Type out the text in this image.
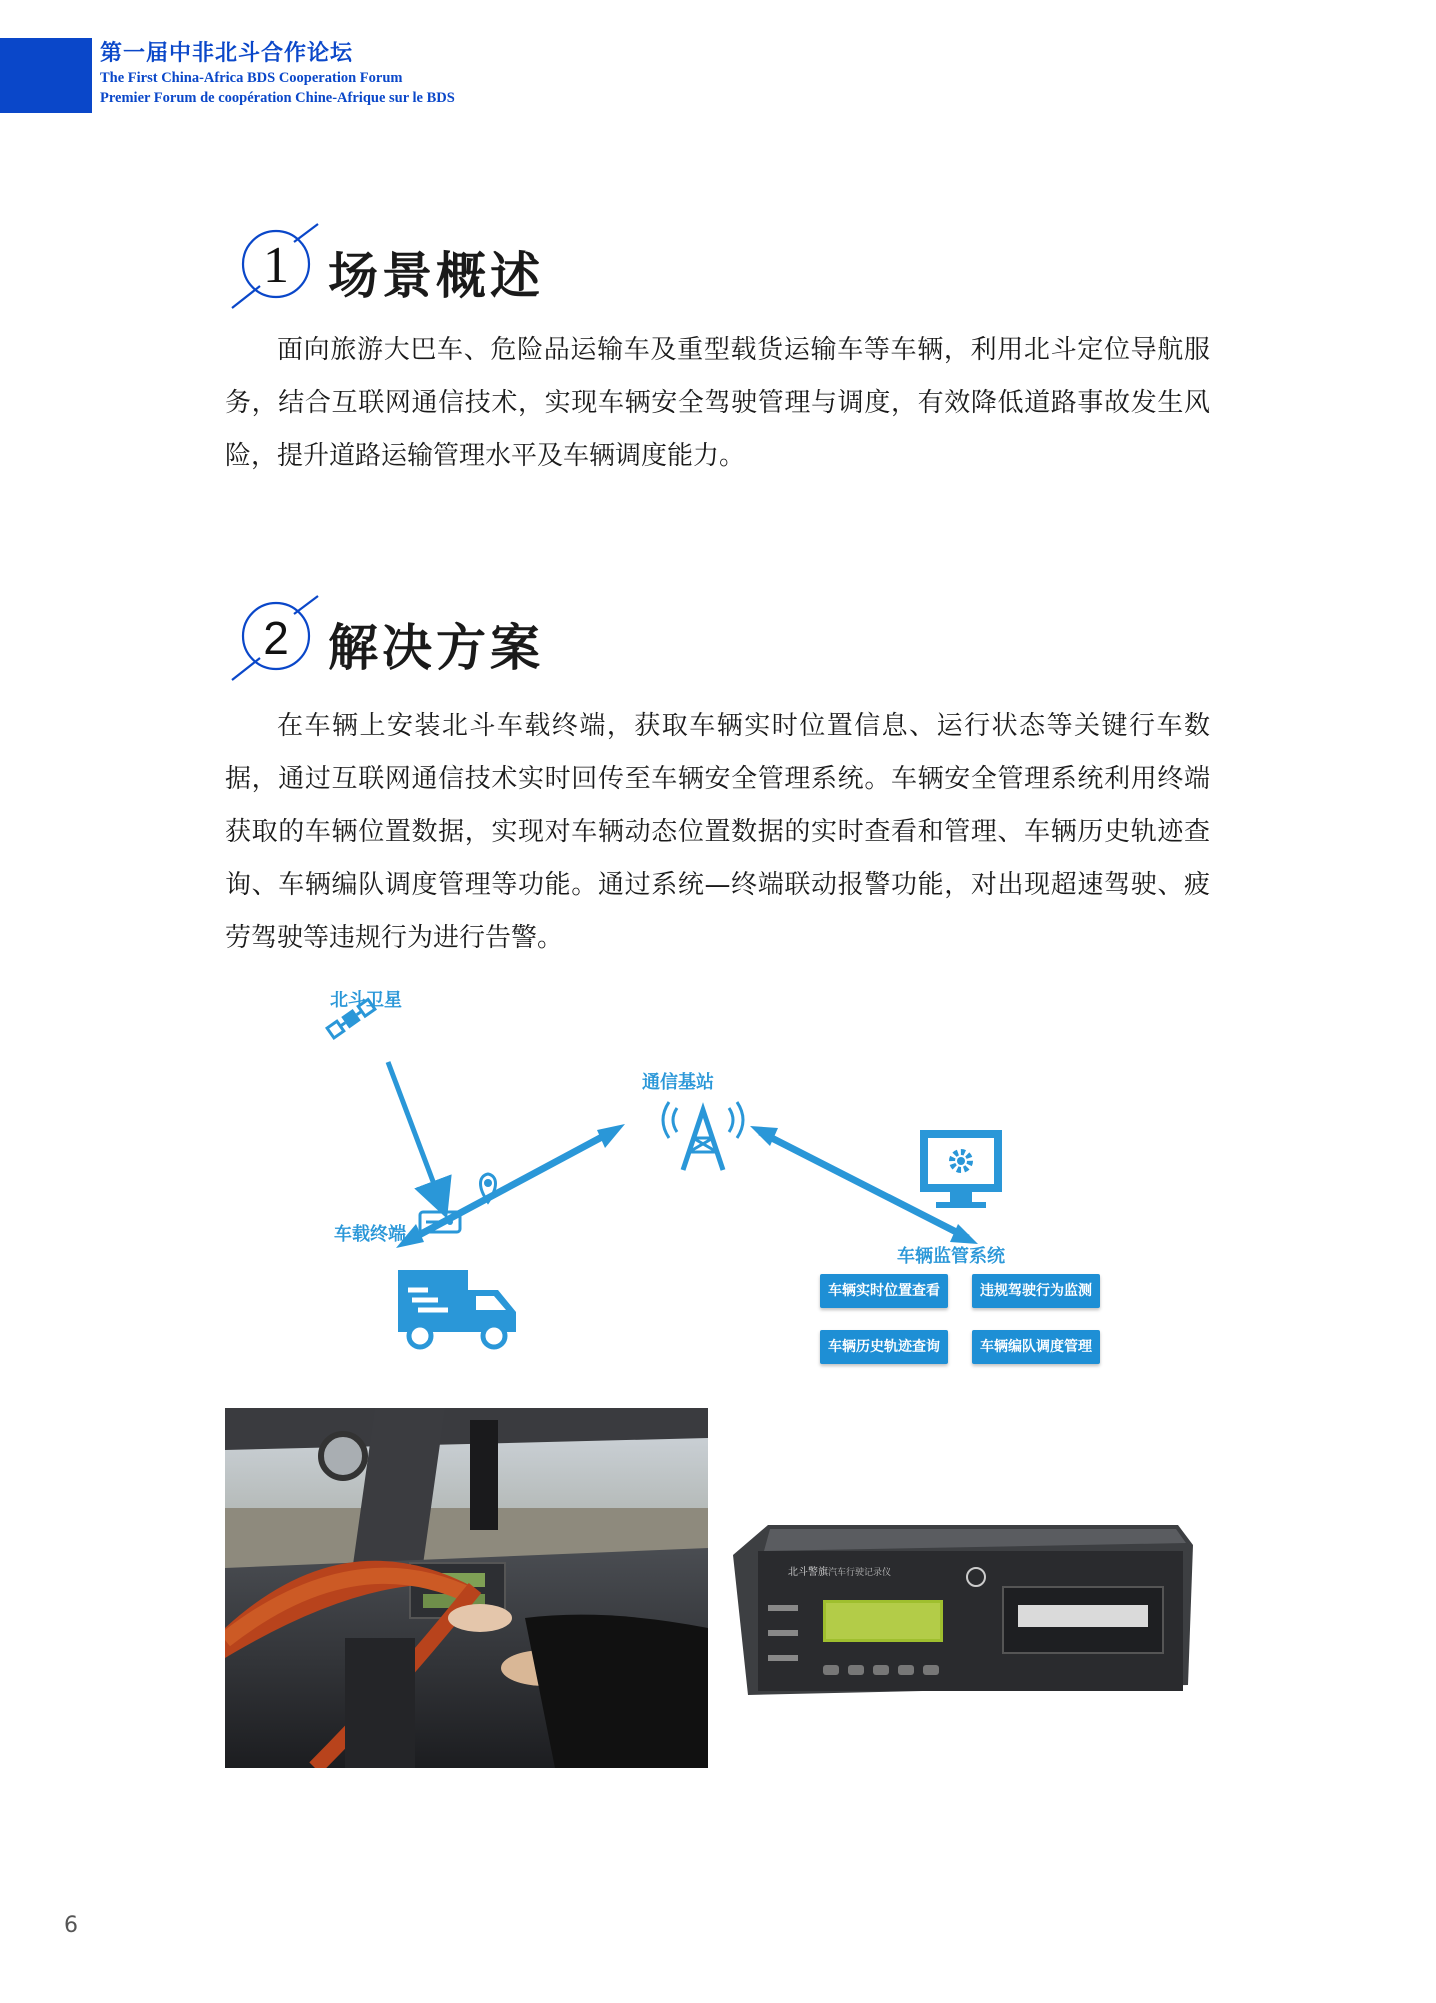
第一届中非北斗合作论坛
The First China-Africa BDS Cooperation Forum
Premier Forum de coopération Chine-Afrique sur le BDS
1 场景概述
面向旅游大巴车、危险品运输车及重型载货运输车等车辆，利用北斗定位导航服务，结合互联网通信技术，实现车辆安全驾驶管理与调度，有效降低道路事故发生风险，提升道路运输管理水平及车辆调度能力。
2 解决方案
在车辆上安装北斗车载终端，获取车辆实时位置信息、运行状态等关键行车数据，通过互联网通信技术实时回传至车辆安全管理系统。车辆安全管理系统利用终端获取的车辆位置数据，实现对车辆动态位置数据的实时查看和管理、车辆历史轨迹查询、车辆编队调度管理等功能。通过系统—终端联动报警功能，对出现超速驾驶、疲劳驾驶等违规行为进行告警。
北斗卫星
通信基站
车载终端
车辆监管系统
车辆实时位置查看	违规驾驶行为监测
车辆历史轨迹查询	车辆编队调度管理
北斗警旗 汽车行驶记录仪
6
